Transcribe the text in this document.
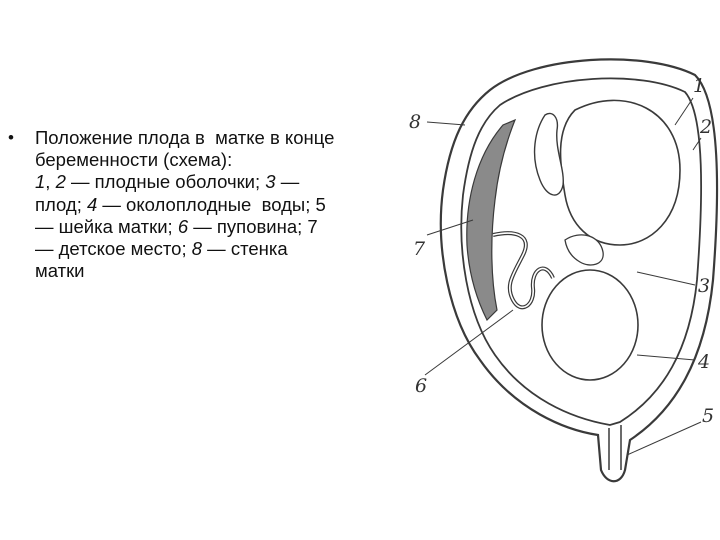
•	Положение плода в  матке в конце беременности (схема):
1, 2 — плодные оболочки; 3 — плод; 4 — околоплодные  воды; 5 — шейка матки; 6 — пуповина; 7 — детское место; 8 — стенка матки
1
2
3
4
5
6
7
8
